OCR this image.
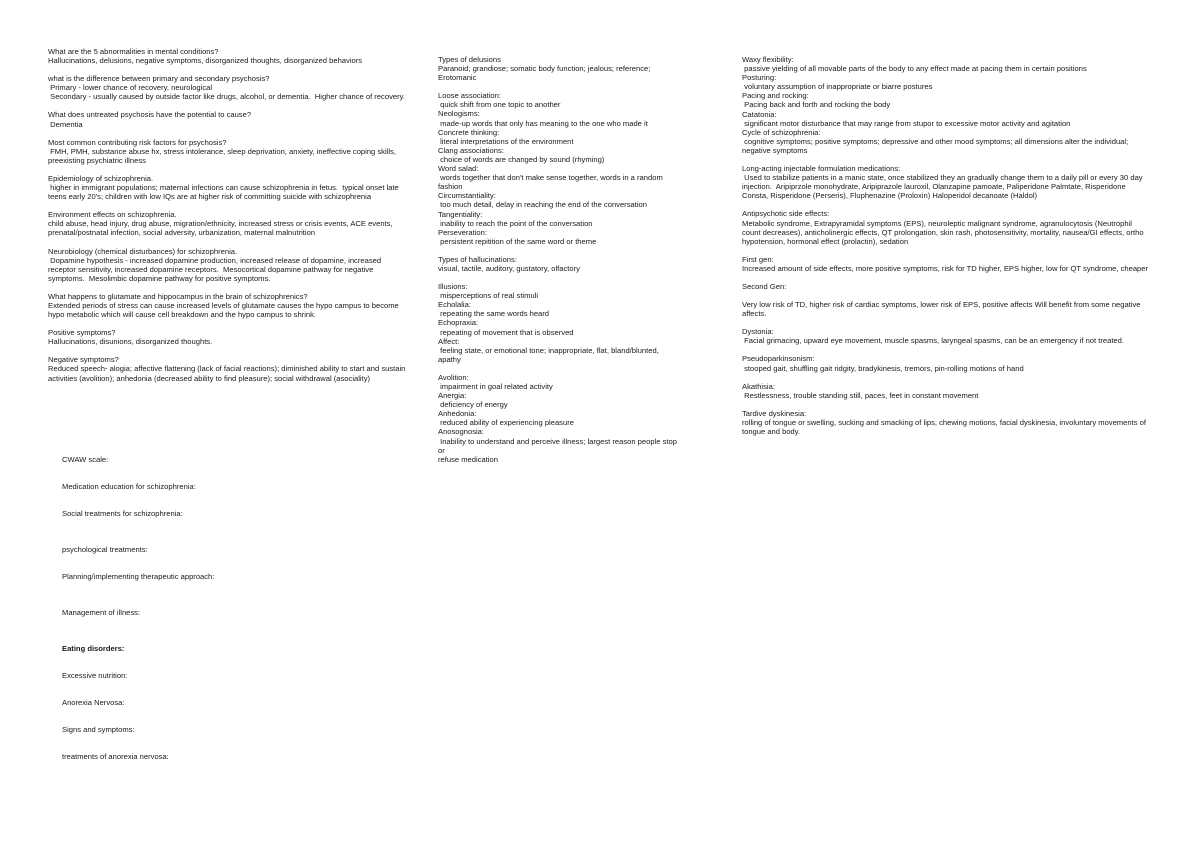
What are the 5 abnormalities in mental conditions?
Hallucinations, delusions, negative symptoms, disorganized thoughts, disorganized behaviors
what is the difference between primary and secondary psychosis?
Primary - lower chance of recovery, neurological
Secondary - usually caused by outside factor like drugs, alcohol, or dementia.  Higher chance of recovery.
What does untreated psychosis have the potential to cause?
Dementia
Most common contributing risk factors for psychosis?
FMH, PMH, substance abuse hx, stress intolerance, sleep deprivation, anxiety, ineffective coping skills,
preexisting psychiatric illness
Epidemiology of schizophrenia.
higher in immigrant populations; maternal infections can cause schizophrenia in fetus.  typical onset late
teens early 20's; children with low IQs are at higher risk of committing suicide with schizophrenia
Environment effects on schizophrenia.
child abuse, head injury, drug abuse, migration/ethnicity, increased stress or crisis events, ACE events,
prenatal/postnatal infection, social adversity, urbanization, maternal malnutrition
Neurobiology (chemical disturbances) for schizophrenia.
Dopamine hypothesis - increased dopamine production, increased release of dopamine, increased
receptor sensitivity, increased dopamine receptors.  Mesocortical dopamine pathway for negative
symptoms.  Mesolimbic dopamine pathway for positive symptoms.
What happens to glutamate and hippocampus in the brain of schizophrenics?
Extended periods of stress can cause increased levels of glutamate causes the hypo campus to become
hypo metabolic which will cause cell breakdown and the hypo campus to shrink.
Positive symptoms?
Hallucinations, disunions, disorganized thoughts.
Negative symptoms?
Reduced speech- alogia; affective flattening (lack of facial reactions); diminished ability to start and sustain
activities (avolition); anhedonia (decreased ability to find pleasure); social withdrawal (asociality)
Types of delusions
Paranoid; grandiose; somatic body function; jealous; reference;
Erotomanic
Loose association:
quick shift from one topic to another
Neologisms:
made-up words that only has meaning to the one who made it
Concrete thinking:
literal interpretations of the environment
Clang associations:
choice of words are changed by sound (rhyming)
Word salad:
words together that don't make sense together, words in a random
fashion
Circumstantiality:
too much detail, delay in reaching the end of the conversation
Tangentiality:
inability to reach the point of the conversation
Perseveration:
persistent repitition of the same word or theme
Types of hallucinations:
visual, tactile, auditory, gustatory, olfactory
Illusions:
misperceptions of real stimuli
Echolalia:
repeating the same words heard
Echopraxia:
repeating of movement that is observed
Affect:
feeling state, or emotional tone; inappropriate, flat, bland/blunted, apathy
Avolition:
impairment in goal related activity
Anergia:
deficiency of energy
Anhedonia:
reduced ability of experiencing pleasure
Anosognosia:
Inability to understand and perceive illness; largest reason people stop or
refuse medication
Waxy flexibility:
passive yielding of all movable parts of the body to any effect made at pacing them in certain positions
Posturing:
voluntary assumption of inappropriate or biarre postures
Pacing and rocking:
Pacing back and forth and rocking the body
Catatonia:
significant motor disturbance that may range from stupor to excessive motor activity and agitation
Cycle of schizophrenia:
cognitive symptoms; positive symptoms; depressive and other mood symptoms; all dimensions alter the individual;
negative symptoms
Long-acting injectable formulation medications:
Used to stabilize patients in a manic state, once stabilized they an gradually change them to a daily pill or every 30 day
injection.  Aripiprzole monohydrate, Aripiprazole lauroxil, Olanzapine pamoate, Paliperidone Palmtate, Risperidone
Consta, Risperidone (Perseris), Fluphenazine (Proloxin) Haloperidol decanoate (Haldol)
Antipsychotic side effects:
Metabolic syndrome, Extrapyramidal symptoms (EPS), neuroleptic malignant syndrome, agranulocytosis (Neutrophil
count decreases), anticholinergic effects, QT prolongation, skin rash, photosensitivity, mortality, nausea/GI effects, ortho
hypotension, hormonal effect (prolactin), sedation
First gen:
Increased amount of side effects, more positive symptoms, risk for TD higher, EPS higher, low for QT syndrome, cheaper
Second Gen:
Very low risk of TD, higher risk of cardiac symptoms, lower risk of EPS, positive affects Will benefit from some negative
affects.
Dystonia:
Facial grimacing, upward eye movement, muscle spasms, laryngeal spasms, can be an emergency if not treated.
Pseudoparkinsonism:
stooped gait, shuffling gait ridgity, bradykinesis, tremors, pin-rolling motions of hand
Akathisia:
Restlessness, trouble standing still, paces, feet in constant movement
Tardive dyskinesia:
rolling of tongue or swelling, sucking and smacking of lips, chewing motions, facial dyskinesia, involuntary movements of
tongue and body.
CWAW scale:
Medication education for schizophrenia:
Social treatments for schizophrenia:
psychological treatments:
Planning/implementing therapeutic approach:
Management of illness:
Eating disorders:
Excessive nutrition:
Anorexia Nervosa:
Signs and symptoms:
treatments of anorexia nervosa:
